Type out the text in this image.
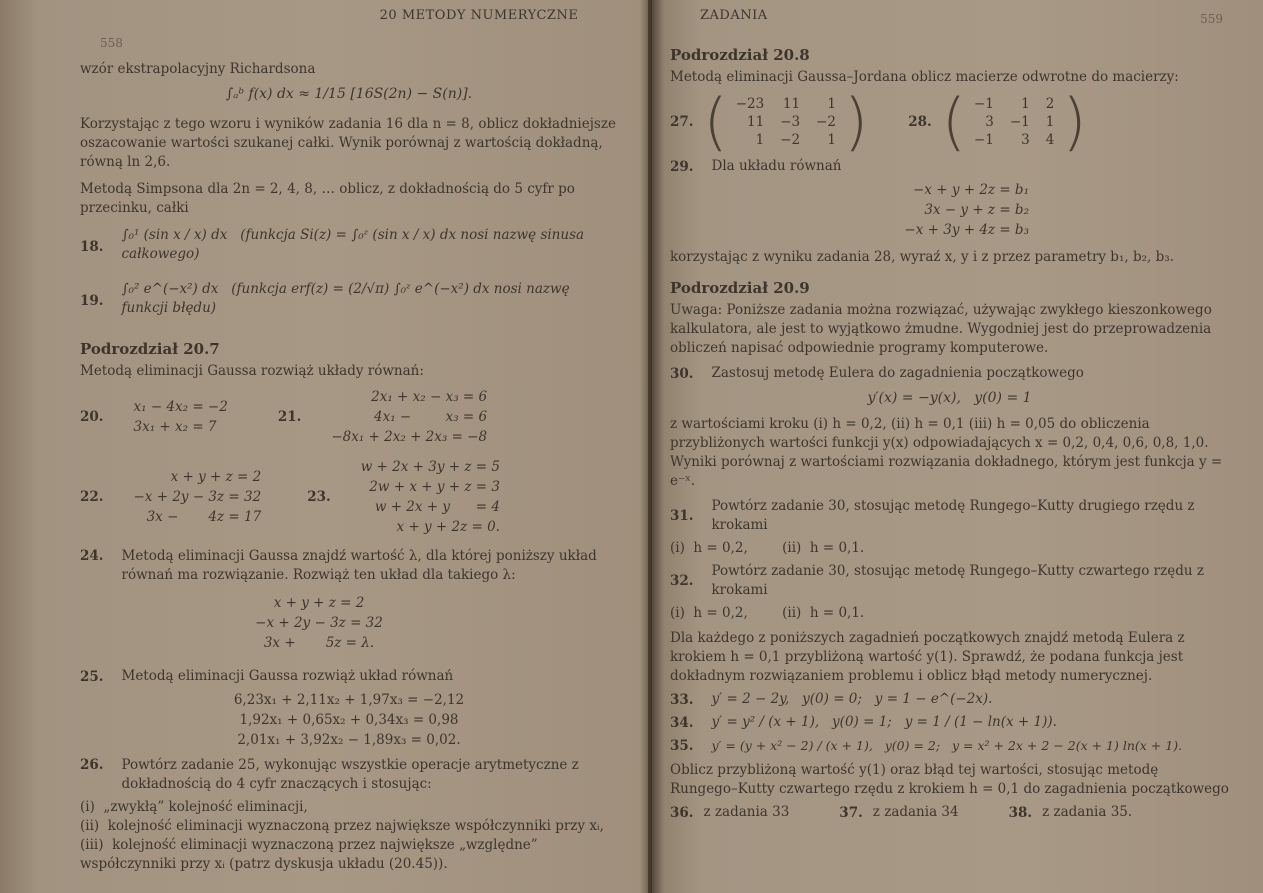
558
20 METODY NUMERYCZNE

wzór ekstrapolacyjny Richardsona

∫ₐᵇ f(x) dx ≈ 1/15 [16S(2n) − S(n)].

Korzystając z tego wzoru i wyników zadania 16 dla n = 8, oblicz dokładniejsze oszacowanie wartości szukanej całki. Wynik porównaj z wartością dokładną, równą ln 2,6.

Metodą Simpsona dla 2n = 2, 4, 8, … oblicz, z dokładnością do 5 cyfr po przecinku, całki

18.
∫₀¹ (sin x / x) dx   (funkcja Si(z) = ∫₀ᶻ (sin x / x) dx nosi nazwę sinusa całkowego)
19.
∫₀² e^(−x²) dx   (funkcja erf(z) = (2/√π) ∫₀ᶻ e^(−x²) dx nosi nazwę funkcji błędu)
Podrozdział 20.7

Metodą eliminacji Gaussa rozwiąż układy równań:

20.
x₁ − 4x₂ = −2
3x₁ + x₂ = 7
21.
2x₁ + x₂ − x₃ = 6
4x₁ −        x₃ = 6
−8x₁ + 2x₂ + 2x₃ = −8
22.
x + y + z = 2
−x + 2y − 3z = 32
3x −       4z = 17
23.
w + 2x + 3y + z = 5
2w + x + y + z = 3
w + 2x + y      = 4
x + y + 2z = 0.
24. Metodą eliminacji Gaussa znajdź wartość λ, dla której poniższy układ równań ma rozwiązanie. Rozwiąż ten układ dla takiego λ:
x + y + z = 2
−x + 2y − 3z = 32
3x +       5z = λ.
25. Metodą eliminacji Gaussa rozwiąż układ równań
6,23x₁ + 2,11x₂ + 1,97x₃ = −2,12
1,92x₁ + 0,65x₂ + 0,34x₃ = 0,98
2,01x₁ + 3,92x₂ − 1,89x₃ = 0,02.
26. Powtórz zadanie 25, wykonując wszystkie operacje arytmetyczne z dokładnością do 4 cyfr znaczących i stosując:

(i)  „zwykłą” kolejność eliminacji,

(ii)  kolejność eliminacji wyznaczoną przez największe współczynniki przy xᵢ,

(iii)  kolejność eliminacji wyznaczoną przez największe „względne” współczynniki przy xᵢ (patrz dyskusja układu (20.45)).

559
ZADANIA
Podrozdział 20.8

Metodą eliminacji Gaussa–Jordana oblicz macierze odwrotne do macierzy:

27. ( −23	11	1
11	−3	−2
1	−2	1 )	28. ( −1	1	2
3	−1	1
−1	3	4 )
29. Dla układu równań
−x + y + 2z = b₁
3x − y + z = b₂
−x + 3y + 4z = b₃

korzystając z wyniku zadania 28, wyraź x, y i z przez parametry b₁, b₂, b₃.

Podrozdział 20.9

Uwaga: Poniższe zadania można rozwiązać, używając zwykłego kieszonkowego kalkulatora, ale jest to wyjątkowo żmudne. Wygodniej jest do przeprowadzenia obliczeń napisać odpowiednie programy komputerowe.

30. Zastosuj metodę Eulera do zagadnienia początkowego
y′(x) = −y(x),   y(0) = 1

z wartościami kroku (i) h = 0,2, (ii) h = 0,1 (iii) h = 0,05 do obliczenia przybliżonych wartości funkcji y(x) odpowiadających x = 0,2, 0,4, 0,6, 0,8, 1,0. Wyniki porównaj z wartościami rozwiązania dokładnego, którym jest funkcja y = e⁻ˣ.

31.
Powtórz zadanie 30, stosując metodę Rungego–Kutty drugiego rzędu z krokami

(i)  h = 0,2,        (ii)  h = 0,1.

32.
Powtórz zadanie 30, stosując metodę Rungego–Kutty czwartego rzędu z krokami

(i)  h = 0,2,        (ii)  h = 0,1.

Dla każdego z poniższych zagadnień początkowych znajdź metodą Eulera z krokiem h = 0,1 przybliżoną wartość y(1). Sprawdź, że podana funkcja jest dokładnym rozwiązaniem problemu i oblicz błąd metody numerycznej.

33. y′ = 2 − 2y,   y(0) = 0;   y = 1 − e^(−2x).
34. y′ = y² / (x + 1),   y(0) = 1;   y = 1 / (1 − ln(x + 1)).
35. y′ = (y + x² − 2) / (x + 1),   y(0) = 2;   y = x² + 2x + 2 − 2(x + 1) ln(x + 1).

Oblicz przybliżoną wartość y(1) oraz błąd tej wartości, stosując metodę Rungego–Kutty czwartego rzędu z krokiem h = 0,1 do zagadnienia początkowego

36. z zadania 33	37. z zadania 34	38. z zadania 35.
